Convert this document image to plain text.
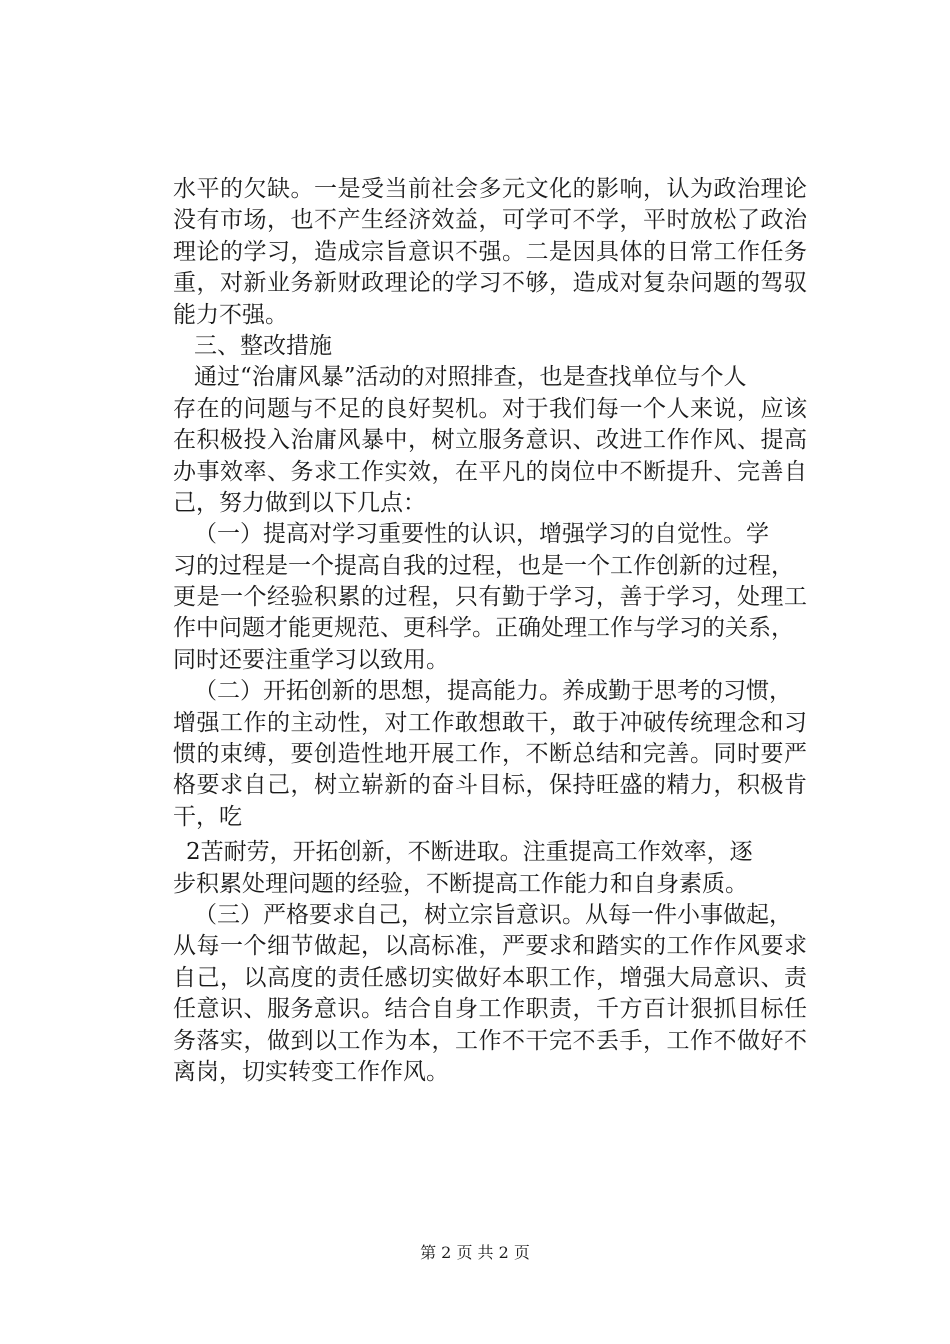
水平的欠缺。一是受当前社会多元文化的影响，认为政治理论
没有市场，也不产生经济效益，可学可不学，平时放松了政治
理论的学习，造成宗旨意识不强。二是因具体的日常工作任务
重，对新业务新财政理论的学习不够，造成对复杂问题的驾驭
能力不强。
三、整改措施
通过“治庸风暴”活动的对照排查，也是查找单位与个人
存在的问题与不足的良好契机。对于我们每一个人来说，应该
在积极投入治庸风暴中，树立服务意识、改进工作作风、提高
办事效率、务求工作实效，在平凡的岗位中不断提升、完善自
己，努力做到以下几点：
（一）提高对学习重要性的认识，增强学习的自觉性。学
习的过程是一个提高自我的过程，也是一个工作创新的过程，
更是一个经验积累的过程，只有勤于学习，善于学习，处理工
作中问题才能更规范、更科学。正确处理工作与学习的关系，
同时还要注重学习以致用。
（二）开拓创新的思想，提高能力。养成勤于思考的习惯，
增强工作的主动性，对工作敢想敢干，敢于冲破传统理念和习
惯的束缚，要创造性地开展工作，不断总结和完善。同时要严
格要求自己，树立崭新的奋斗目标，保持旺盛的精力，积极肯
干，吃
2苦耐劳，开拓创新，不断进取。注重提高工作效率，逐
步积累处理问题的经验，不断提高工作能力和自身素质。
（三）严格要求自己，树立宗旨意识。从每一件小事做起，
从每一个细节做起，以高标准，严要求和踏实的工作作风要求
自己，以高度的责任感切实做好本职工作，增强大局意识、责
任意识、服务意识。结合自身工作职责，千方百计狠抓目标任
务落实，做到以工作为本，工作不干完不丢手，工作不做好不
离岗，切实转变工作作风。
第 2 页 共 2 页
